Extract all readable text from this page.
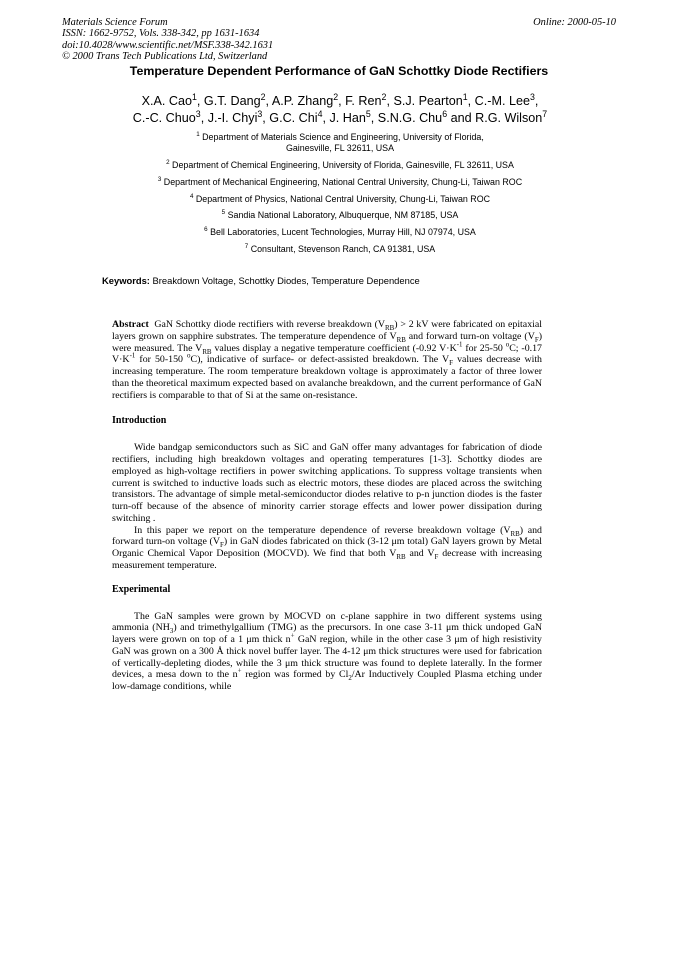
Materials Science Forum
ISSN: 1662-9752, Vols. 338-342, pp 1631-1634
doi:10.4028/www.scientific.net/MSF.338-342.1631
© 2000 Trans Tech Publications Ltd, Switzerland
Online: 2000-05-10
Temperature Dependent Performance of GaN Schottky Diode Rectifiers
X.A. Cao$^1$, G.T. Dang$^2$, A.P. Zhang$^2$, F. Ren$^2$, S.J. Pearton$^1$, C.-M. Lee$^3$,
C.-C. Chuo$^3$, J.-I. Chyi$^3$, G.C. Chi$^4$, J. Han$^5$, S.N.G. Chu$^6$ and R.G. Wilson$^7$
$^1$ Department of Materials Science and Engineering, University of Florida,
Gainesville, FL 32611, USA
$^2$ Department of Chemical Engineering, University of Florida, Gainesville, FL 32611, USA
$^3$ Department of Mechanical Engineering, National Central University, Chung-Li, Taiwan ROC
$^4$ Department of Physics, National Central University, Chung-Li, Taiwan ROC
$^5$ Sandia National Laboratory, Albuquerque, NM 87185, USA
$^6$ Bell Laboratories, Lucent Technologies, Murray Hill, NJ 07974, USA
$^7$ Consultant, Stevenson Ranch, CA 91381, USA
Keywords: Breakdown Voltage, Schottky Diodes, Temperature Dependence

Abstract GaN Schottky diode rectifiers with reverse breakdown $(V_{RB}) > 2$ kV were fabricated on epitaxial layers grown on sapphire substrates. The temperature dependence of $V_{RB}$ and forward turn-on voltage $(V_F)$ were measured. The $V_{RB}$ values display a negative temperature coefficient (-0.92 $V\cdot K^{-1}$ for 25-50 $^o$C; -0.17 $V\cdot K^{-1}$ for 50-150 $^o$C), indicative of surface- or defect-assisted breakdown. The $V_F$ values decrease with increasing temperature. The room temperature breakdown voltage is approximately a factor of three lower than the theoretical maximum expected based on avalanche breakdown, and the current performance of GaN rectifiers is comparable to that of Si at the same on-resistance.

Introduction

Wide bandgap semiconductors such as SiC and GaN offer many advantages for fabrication of diode rectifiers, including high breakdown voltages and operating temperatures [1-3]. Schottky diodes are employed as high-voltage rectifiers in power switching applications. To suppress voltage transients when current is switched to inductive loads such as electric motors, these diodes are placed across the switching transistors. The advantage of simple metal-semiconductor diodes relative to p-n junction diodes is the faster turn-off because of the absence of minority carrier storage effects and lower power dissipation during switching .

In this paper we report on the temperature dependence of reverse breakdown voltage $(V_{RB})$ and forward turn-on voltage $(V_F)$ in GaN diodes fabricated on thick (3-12 μm total) GaN layers grown by Metal Organic Chemical Vapor Deposition (MOCVD). We find that both $V_{RB}$ and $V_F$ decrease with increasing measurement temperature.

Experimental

The GaN samples were grown by MOCVD on c-plane sapphire in two different systems using ammonia $(NH_3)$ and trimethylgallium (TMG) as the precursors. In one case 3-11 μm thick undoped GaN layers were grown on top of a 1 μm thick n+ GaN region, while in the other case 3 μm of high resistivity GaN was grown on a 300 Å thick novel buffer layer. The 4-12 μm thick structures were used for fabrication of vertically-depleting diodes, while the 3 μm thick structure was found to deplete laterally. In the former devices, a mesa down to the n+ region was formed by $Cl_2/Ar$ Inductively Coupled Plasma etching under low-damage conditions, while
